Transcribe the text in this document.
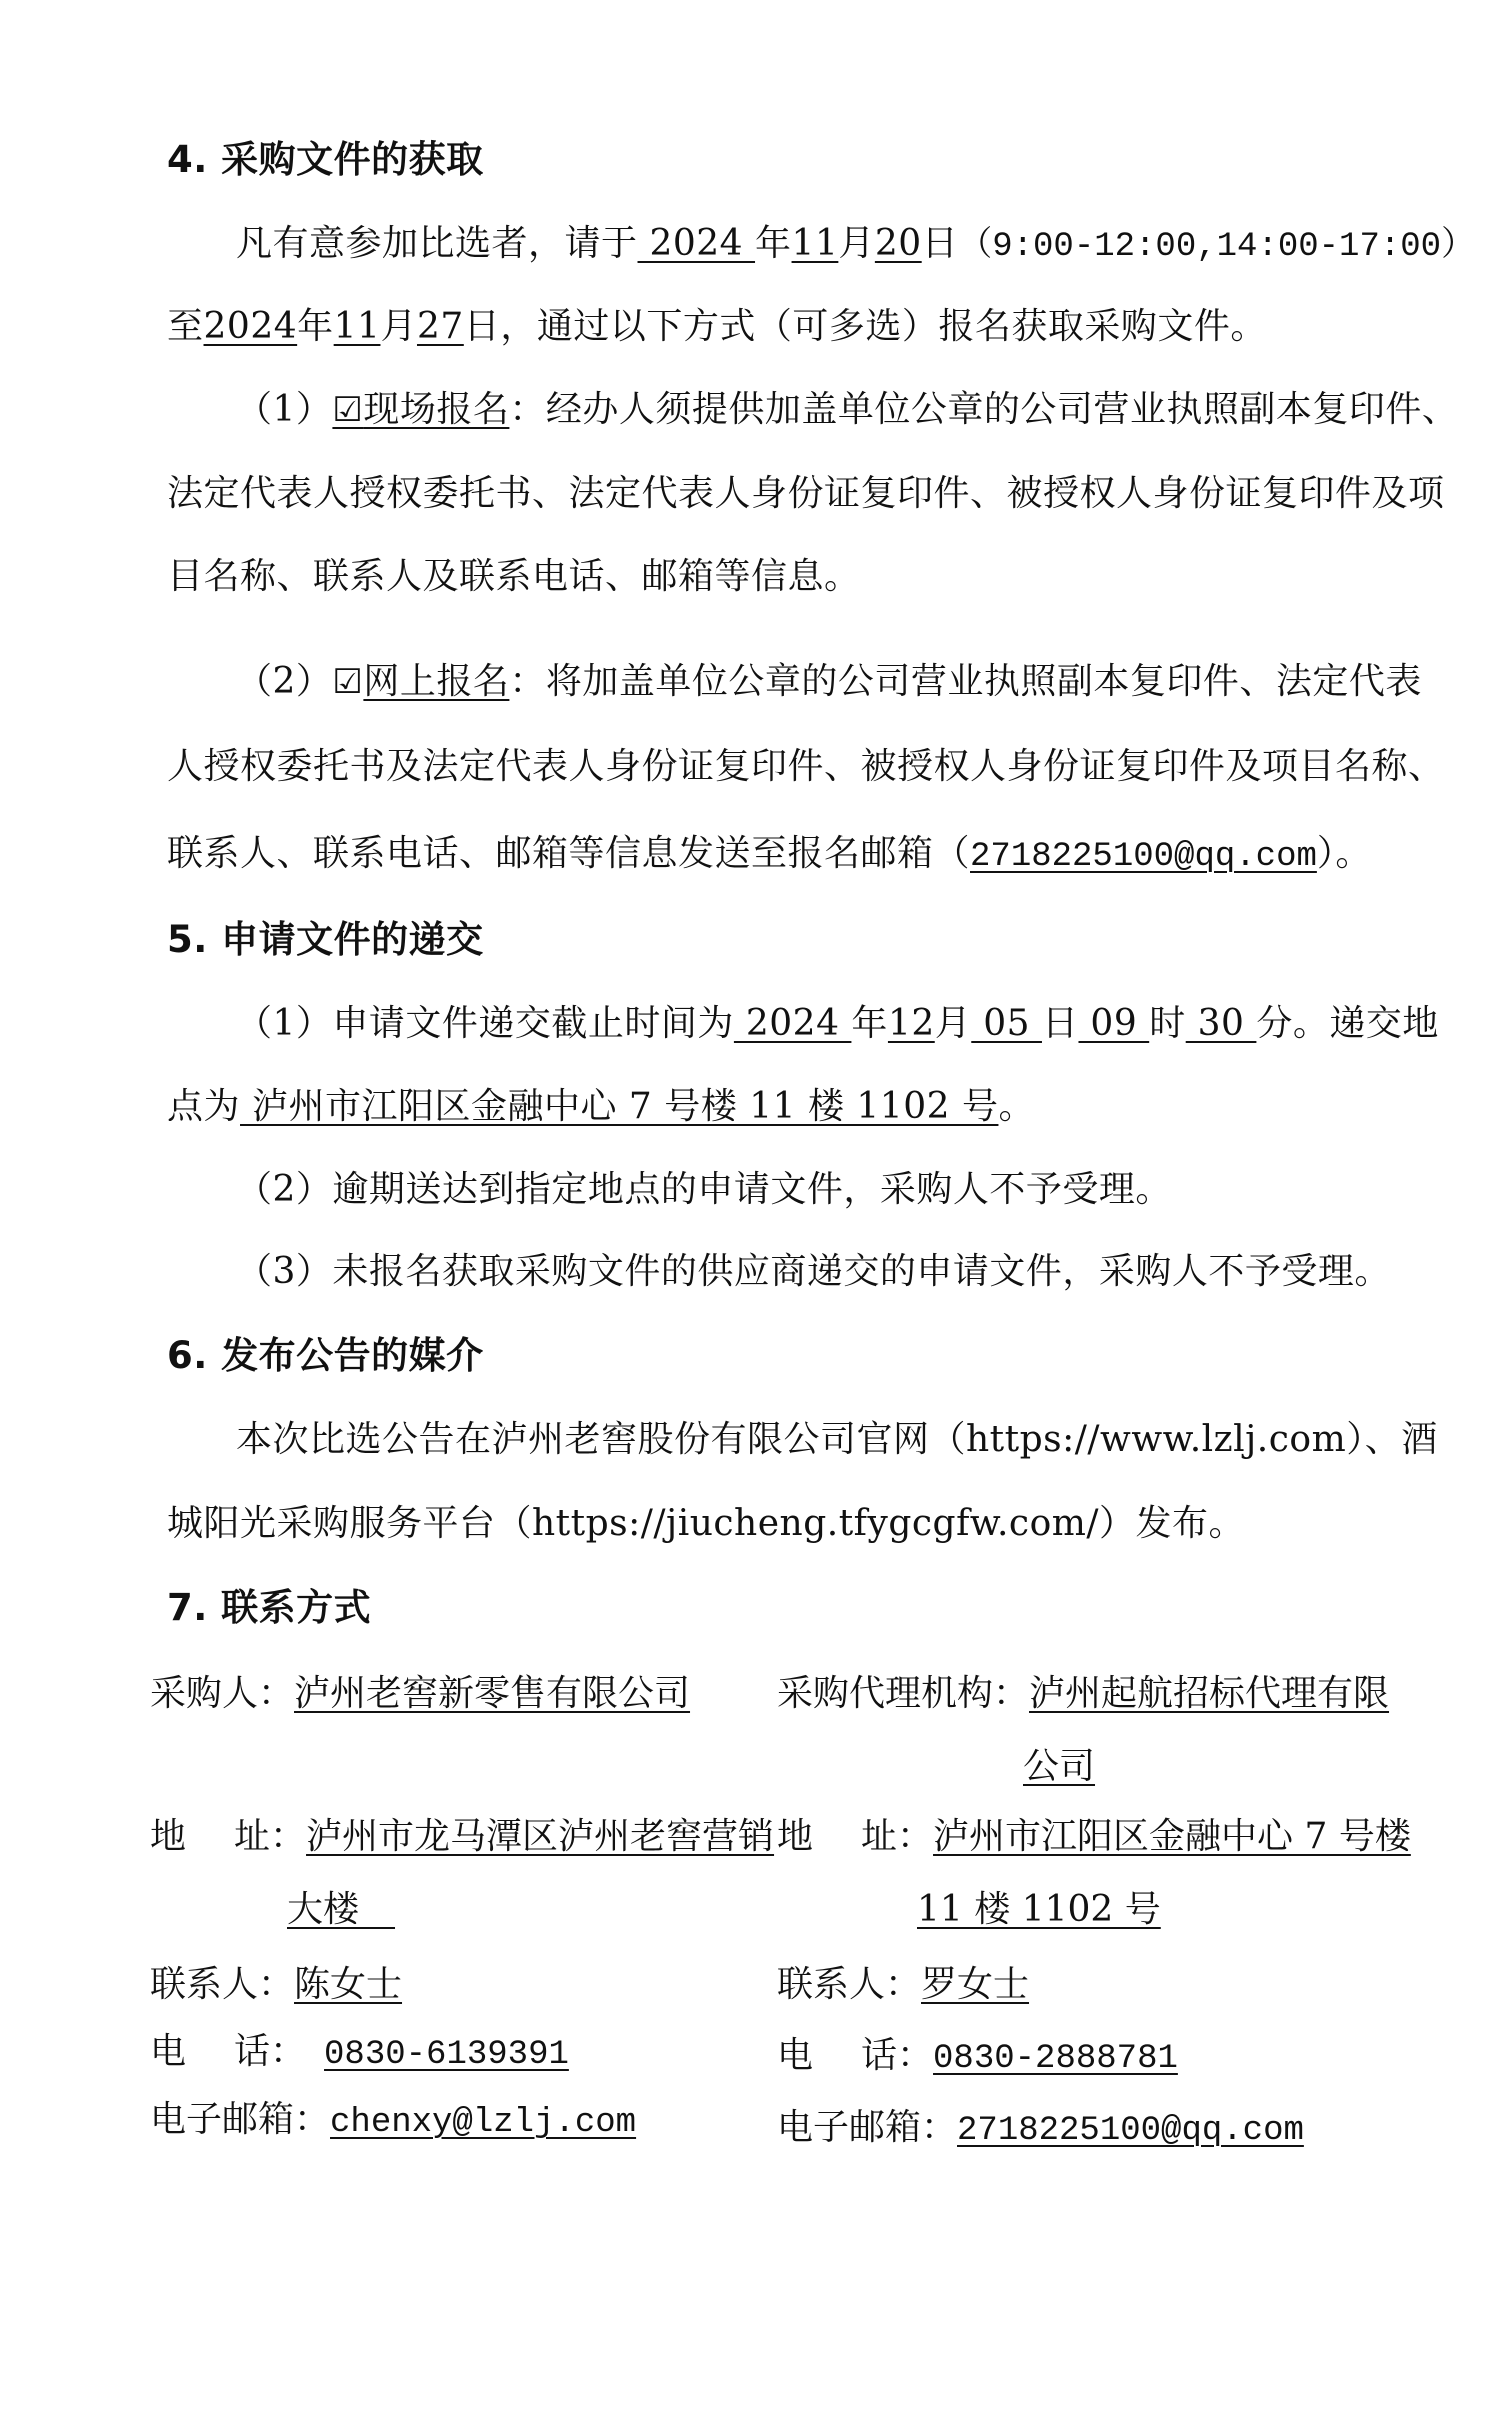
4. 采购文件的获取
凡有意参加比选者，请于 2024 年11月20日（9:00-12:00,14:00-17:00）
至2024年11月27日，通过以下方式（可多选）报名获取采购文件。
（1）☑现场报名：经办人须提供加盖单位公章的公司营业执照副本复印件、
法定代表人授权委托书、法定代表人身份证复印件、被授权人身份证复印件及项
目名称、联系人及联系电话、邮箱等信息。
（2）☑网上报名：将加盖单位公章的公司营业执照副本复印件、法定代表
人授权委托书及法定代表人身份证复印件、被授权人身份证复印件及项目名称、
联系人、联系电话、邮箱等信息发送至报名邮箱（2718225100@qq.com）。
5. 申请文件的递交
（1）申请文件递交截止时间为 2024 年12月 05 日 09 时 30 分。递交地
点为 泸州市江阳区金融中心 7 号楼 11 楼 1102 号。
（2）逾期送达到指定地点的申请文件，采购人不予受理。
（3）未报名获取采购文件的供应商递交的申请文件，采购人不予受理。
6. 发布公告的媒介
本次比选公告在泸州老窖股份有限公司官网（https://www.lzlj.com）、酒
城阳光采购服务平台（https://jiucheng.tfygcgfw.com/）发布。
7. 联系方式
采购人：泸州老窖新零售有限公司
地 址：泸州市龙马潭区泸州老窖营销
大楼　
联系人：陈女士
电 话： 0830-6139391
电子邮箱：chenxy@lzlj.com
采购代理机构：泸州起航招标代理有限
公司
地 址：泸州市江阳区金融中心 7 号楼
11 楼 1102 号
联系人：罗女士
电 话：0830-2888781
电子邮箱：2718225100@qq.com
